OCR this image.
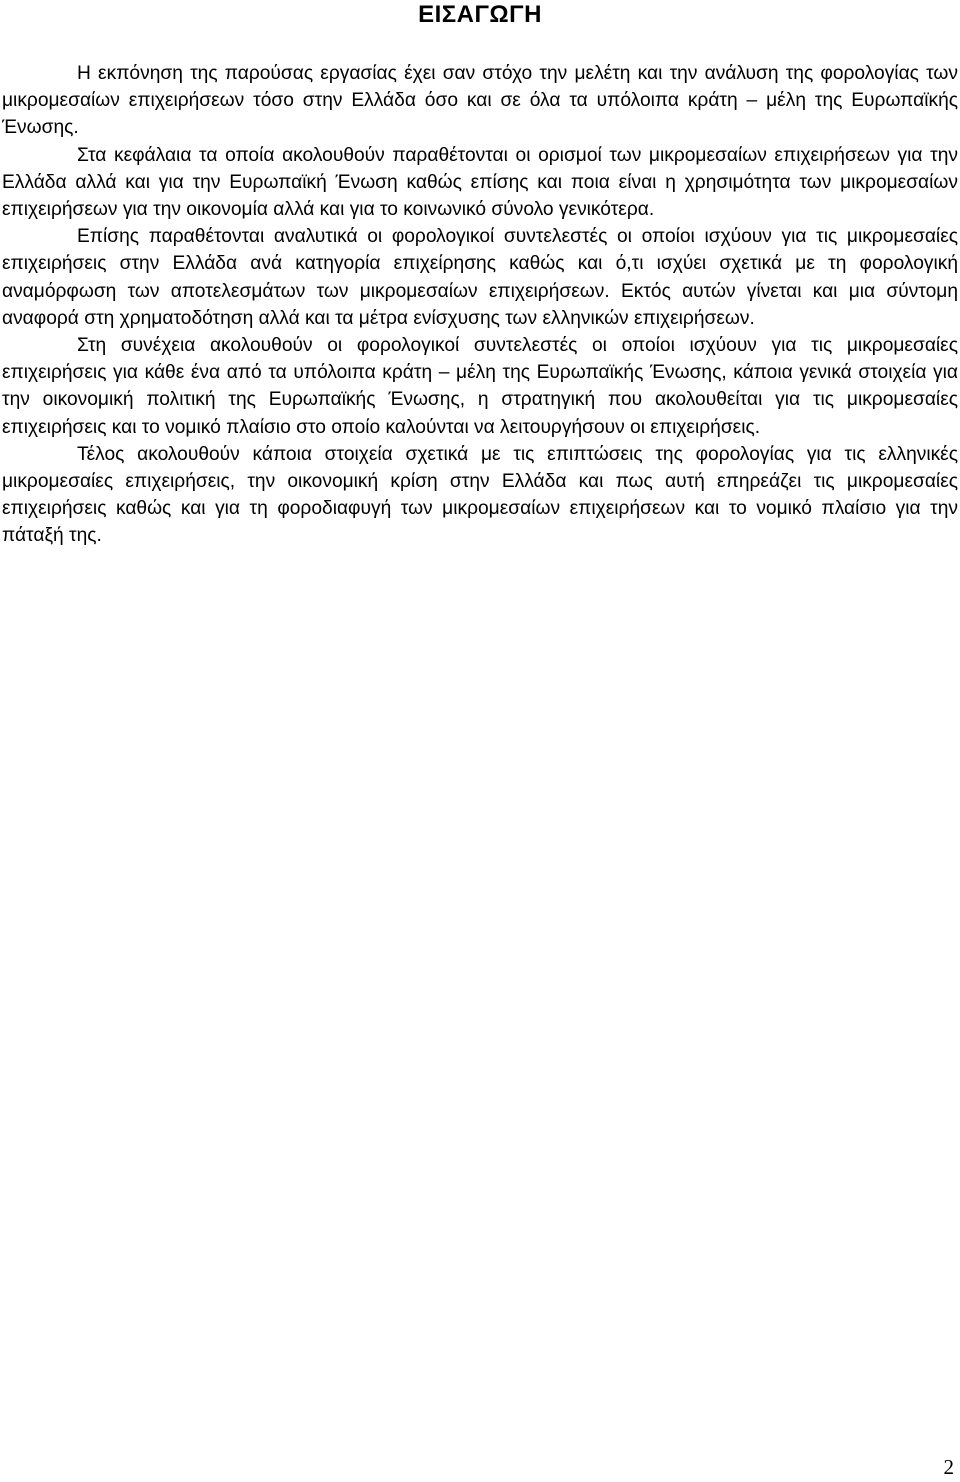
ΕΙΣΑΓΩΓΗ

Η εκπόνηση της παρούσας εργασίας έχει σαν στόχο την μελέτη και την ανάλυση της φορολογίας των μικρομεσαίων επιχειρήσεων τόσο στην Ελλάδα όσο και σε όλα τα υπόλοιπα κράτη – μέλη της Ευρωπαϊκής Ένωσης.

Στα κεφάλαια τα οποία ακολουθούν παραθέτονται οι ορισμοί των μικρομεσαίων επιχειρήσεων για την Ελλάδα αλλά και για την Ευρωπαϊκή Ένωση καθώς επίσης και ποια είναι η χρησιμότητα των μικρομεσαίων επιχειρήσεων για την οικονομία αλλά και για το κοινωνικό σύνολο γενικότερα.

Επίσης παραθέτονται αναλυτικά οι φορολογικοί συντελεστές οι οποίοι ισχύουν για τις μικρομεσαίες επιχειρήσεις στην Ελλάδα ανά κατηγορία επιχείρησης καθώς και ό,τι ισχύει σχετικά με τη φορολογική αναμόρφωση των αποτελεσμάτων των μικρομεσαίων επιχειρήσεων. Εκτός αυτών γίνεται και μια σύντομη αναφορά στη χρηματοδότηση αλλά και τα μέτρα ενίσχυσης των ελληνικών επιχειρήσεων.

Στη συνέχεια ακολουθούν οι φορολογικοί συντελεστές οι οποίοι ισχύουν για τις μικρομεσαίες επιχειρήσεις για κάθε ένα από τα υπόλοιπα κράτη – μέλη της Ευρωπαϊκής Ένωσης, κάποια γενικά στοιχεία για την οικονομική πολιτική της Ευρωπαϊκής Ένωσης, η στρατηγική που ακολουθείται για τις μικρομεσαίες επιχειρήσεις και το νομικό πλαίσιο στο οποίο καλούνται να λειτουργήσουν οι επιχειρήσεις.

Τέλος ακολουθούν κάποια στοιχεία σχετικά με τις επιπτώσεις της φορολογίας για τις ελληνικές μικρομεσαίες επιχειρήσεις, την οικονομική κρίση στην Ελλάδα και πως αυτή επηρεάζει τις μικρομεσαίες επιχειρήσεις καθώς και για τη φοροδιαφυγή των μικρομεσαίων επιχειρήσεων και το νομικό πλαίσιο για την πάταξή της.

2
